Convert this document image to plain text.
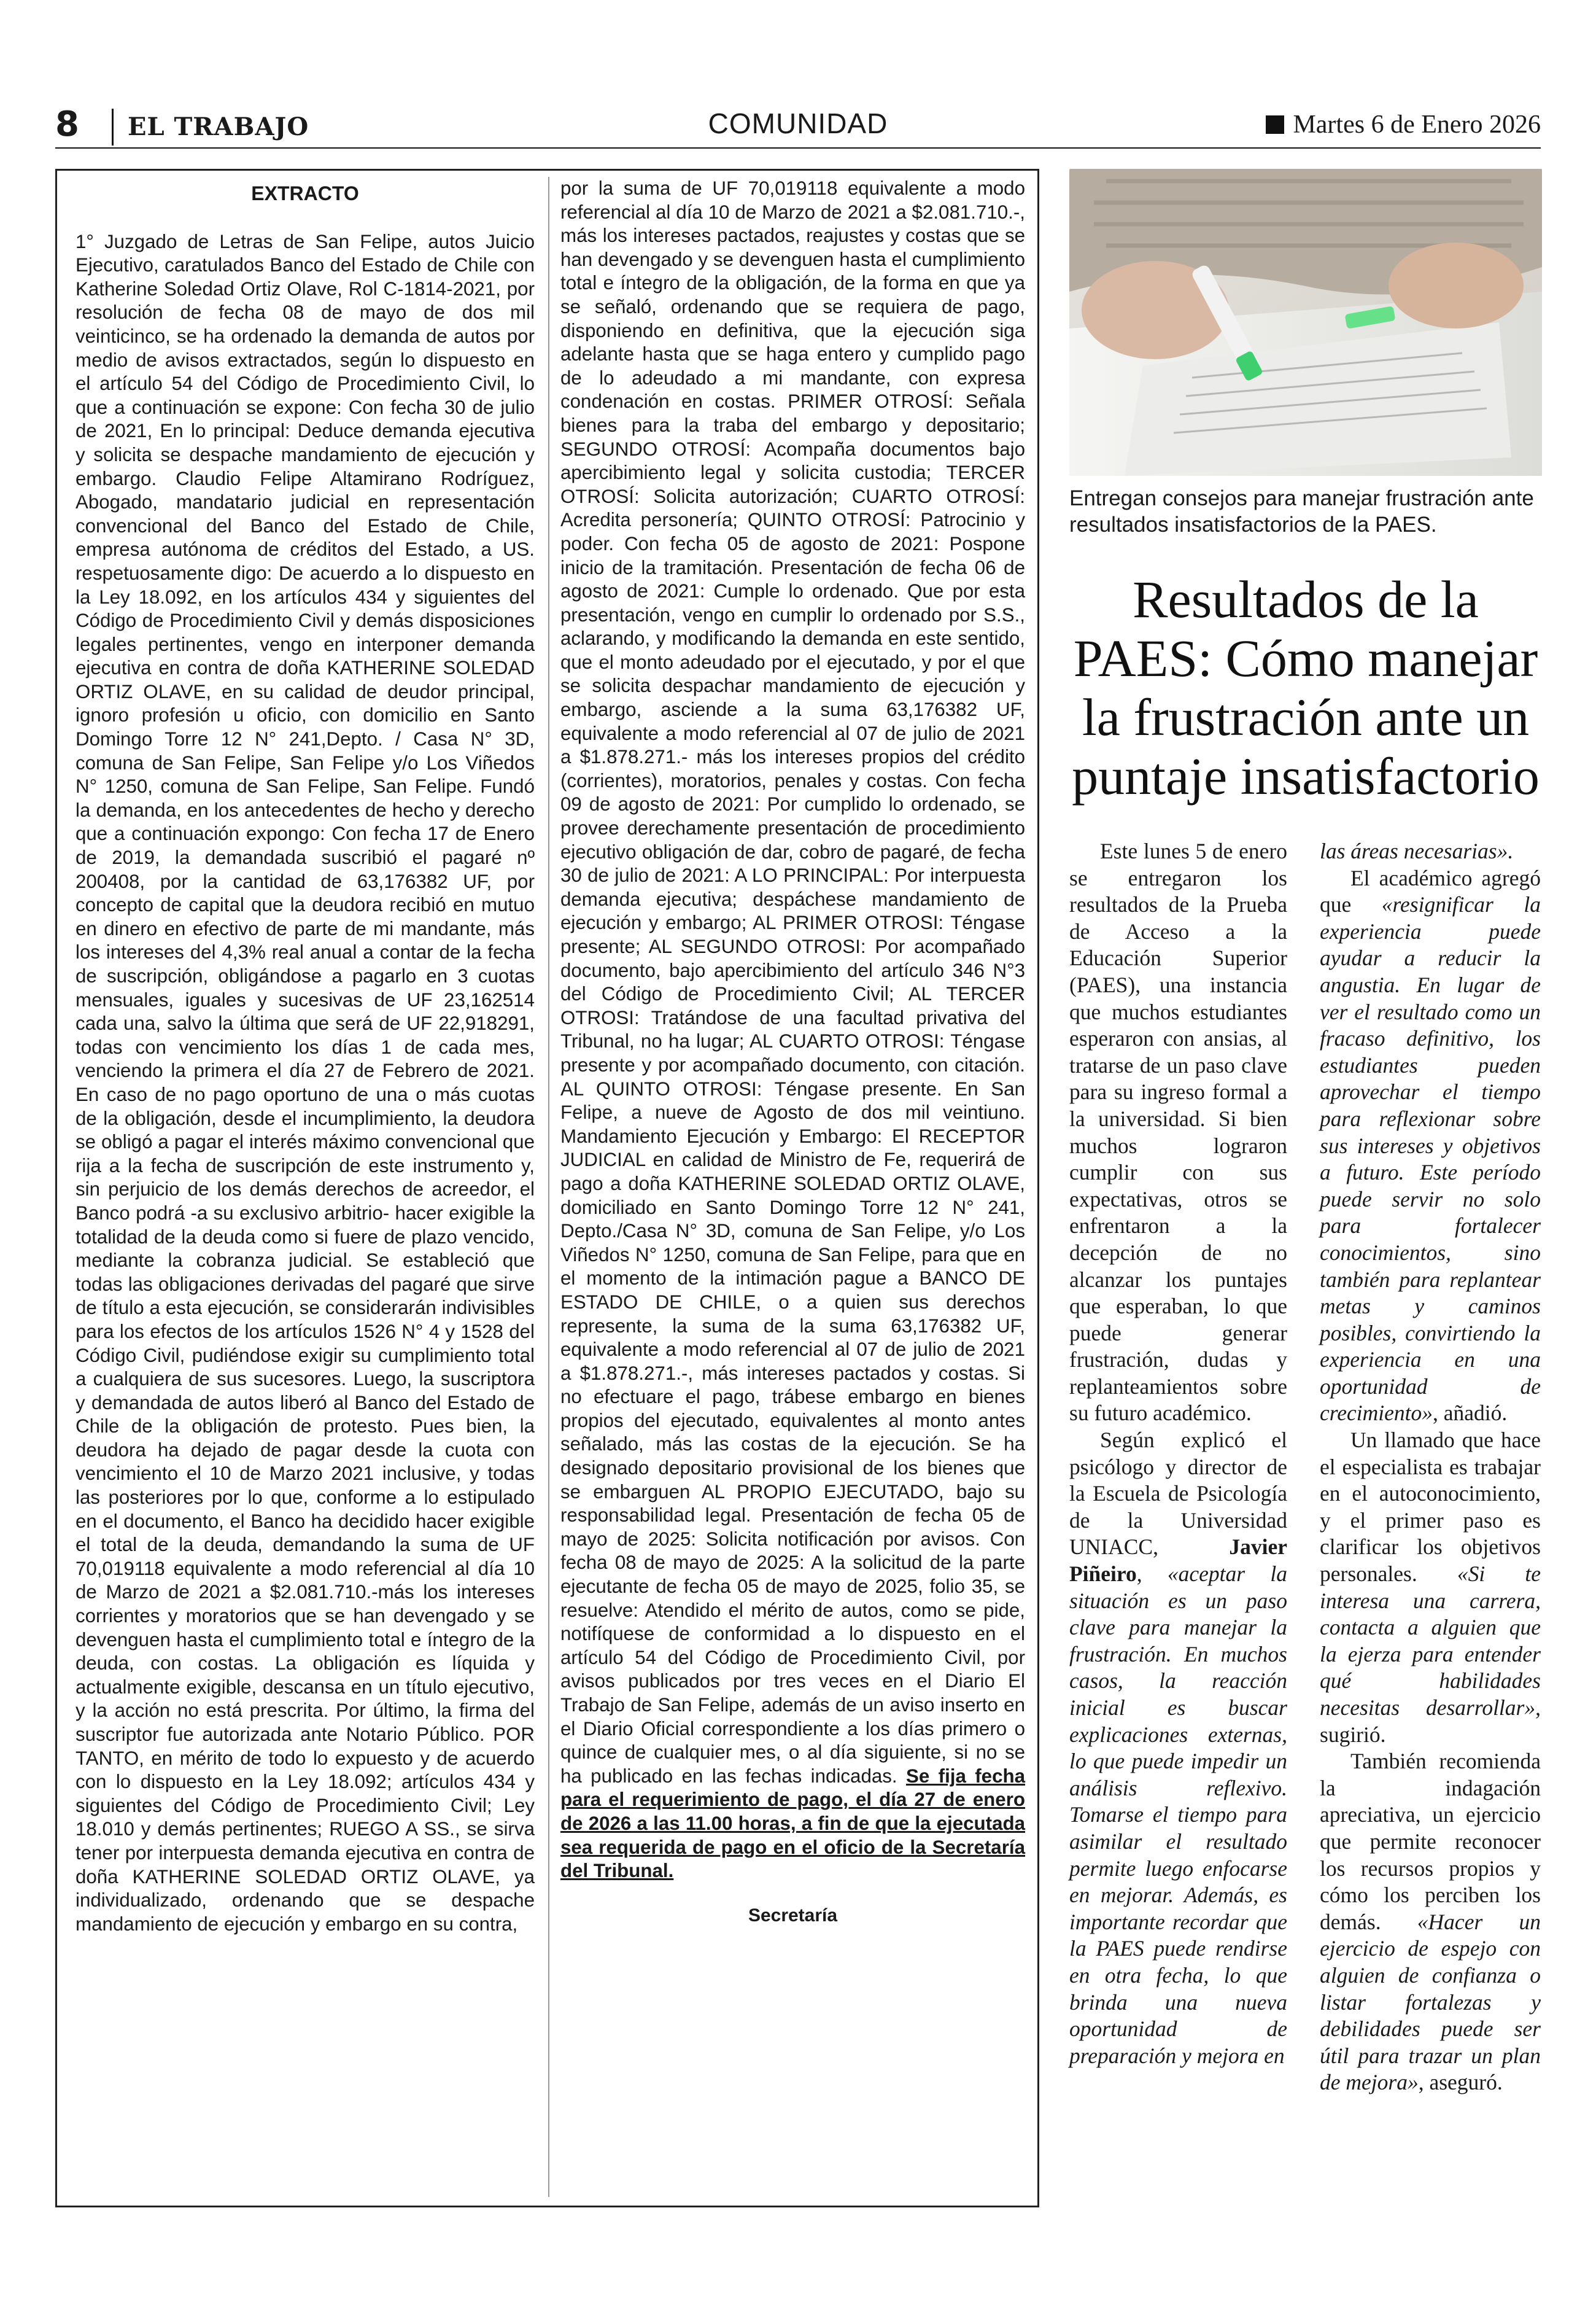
8 EL TRABAJO	COMUNIDAD	Martes 6 de Enero 2026
EXTRACTO

1° Juzgado de Letras de San Felipe, autos Juicio Ejecutivo, caratulados Banco del Estado de Chile con Katherine Soledad Ortiz Olave, Rol C-1814-2021, por resolución de fecha 08 de mayo de dos mil veinticinco, se ha ordenado la demanda de autos por medio de avisos extractados, según lo dispuesto en el artículo 54 del Código de Procedimiento Civil, lo que a continuación se expone: Con fecha 30 de julio de 2021, En lo principal: Deduce demanda ejecutiva y solicita se despache mandamiento de ejecución y embargo. Claudio Felipe Altamirano Rodríguez, Abogado, mandatario judicial en representación convencional del Banco del Estado de Chile, empresa autónoma de créditos del Estado, a US. respetuosamente digo: De acuerdo a lo dispuesto en la Ley 18.092, en los artículos 434 y siguientes del Código de Procedimiento Civil y demás disposiciones legales pertinentes, vengo en interponer demanda ejecutiva en contra de doña KATHERINE SOLEDAD ORTIZ OLAVE, en su calidad de deudor principal, ignoro profesión u oficio, con domicilio en Santo Domingo Torre 12 N° 241,Depto. / Casa N° 3D, comuna de San Felipe, San Felipe y/o Los Viñedos N° 1250, comuna de San Felipe, San Felipe. Fundó la demanda, en los antecedentes de hecho y derecho que a continuación expongo: Con fecha 17 de Enero de 2019, la demandada suscribió el pagaré nº 200408, por la cantidad de 63,176382 UF, por concepto de capital que la deudora recibió en mutuo en dinero en efectivo de parte de mi mandante, más los intereses del 4,3% real anual a contar de la fecha de suscripción, obligándose a pagarlo en 3 cuotas mensuales, iguales y sucesivas de UF 23,162514 cada una, salvo la última que será de UF 22,918291, todas con vencimiento los días 1 de cada mes, venciendo la primera el día 27 de Febrero de 2021. En caso de no pago oportuno de una o más cuotas de la obligación, desde el incumplimiento, la deudora se obligó a pagar el interés máximo convencional que rija a la fecha de suscripción de este instrumento y, sin perjuicio de los demás derechos de acreedor, el Banco podrá -a su exclusivo arbitrio- hacer exigible la totalidad de la deuda como si fuere de plazo vencido, mediante la cobranza judicial. Se estableció que todas las obligaciones derivadas del pagaré que sirve de título a esta ejecución, se considerarán indivisibles para los efectos de los artículos 1526 N° 4 y 1528 del Código Civil, pudiéndose exigir su cumplimiento total a cualquiera de sus sucesores. Luego, la suscriptora y demandada de autos liberó al Banco del Estado de Chile de la obligación de protesto. Pues bien, la deudora ha dejado de pagar desde la cuota con vencimiento el 10 de Marzo 2021 inclusive, y todas las posteriores por lo que, conforme a lo estipulado en el documento, el Banco ha decidido hacer exigible el total de la deuda, demandando la suma de UF 70,019118 equivalente a modo referencial al día 10 de Marzo de 2021 a $2.081.710.-más los intereses corrientes y moratorios que se han devengado y se devenguen hasta el cumplimiento total e íntegro de la deuda, con costas. La obligación es líquida y actualmente exigible, descansa en un título ejecutivo, y la acción no está prescrita. Por último, la firma del suscriptor fue autorizada ante Notario Público. POR TANTO, en mérito de todo lo expuesto y de acuerdo con lo dispuesto en la Ley 18.092; artículos 434 y siguientes del Código de Procedimiento Civil; Ley 18.010 y demás pertinentes; RUEGO A SS., se sirva tener por interpuesta demanda ejecutiva en contra de doña KATHERINE SOLEDAD ORTIZ OLAVE, ya individualizado, ordenando que se despache mandamiento de ejecución y embargo en su contra,

por la suma de UF 70,019118 equivalente a modo referencial al día 10 de Marzo de 2021 a $2.081.710.-, más los intereses pactados, reajustes y costas que se han devengado y se devenguen hasta el cumplimiento total e íntegro de la obligación, de la forma en que ya se señaló, ordenando que se requiera de pago, disponiendo en definitiva, que la ejecución siga adelante hasta que se haga entero y cumplido pago de lo adeudado a mi mandante, con expresa condenación en costas. PRIMER OTROSÍ: Señala bienes para la traba del embargo y depositario; SEGUNDO OTROSÍ: Acompaña documentos bajo apercibimiento legal y solicita custodia; TERCER OTROSÍ: Solicita autorización; CUARTO OTROSÍ: Acredita personería; QUINTO OTROSÍ: Patrocinio y poder. Con fecha 05 de agosto de 2021: Pospone inicio de la tramitación. Presentación de fecha 06 de agosto de 2021: Cumple lo ordenado. Que por esta presentación, vengo en cumplir lo ordenado por S.S., aclarando, y modificando la demanda en este sentido, que el monto adeudado por el ejecutado, y por el que se solicita despachar mandamiento de ejecución y embargo, asciende a la suma 63,176382 UF, equivalente a modo referencial al 07 de julio de 2021 a $1.878.271.- más los intereses propios del crédito (corrientes), moratorios, penales y costas. Con fecha 09 de agosto de 2021: Por cumplido lo ordenado, se provee derechamente presentación de procedimiento ejecutivo obligación de dar, cobro de pagaré, de fecha 30 de julio de 2021: A LO PRINCIPAL: Por interpuesta demanda ejecutiva; despáchese mandamiento de ejecución y embargo; AL PRIMER OTROSI: Téngase presente; AL SEGUNDO OTROSI: Por acompañado documento, bajo apercibimiento del artículo 346 N°3 del Código de Procedimiento Civil; AL TERCER OTROSI: Tratándose de una facultad privativa del Tribunal, no ha lugar; AL CUARTO OTROSI: Téngase presente y por acompañado documento, con citación. AL QUINTO OTROSI: Téngase presente. En San Felipe, a nueve de Agosto de dos mil veintiuno. Mandamiento Ejecución y Embargo: El RECEPTOR JUDICIAL en calidad de Ministro de Fe, requerirá de pago a doña KATHERINE SOLEDAD ORTIZ OLAVE, domiciliado en Santo Domingo Torre 12 N° 241, Depto./Casa N° 3D, comuna de San Felipe, y/o Los Viñedos N° 1250, comuna de San Felipe, para que en el momento de la intimación pague a BANCO DE ESTADO DE CHILE, o a quien sus derechos represente, la suma de la suma 63,176382 UF, equivalente a modo referencial al 07 de julio de 2021 a $1.878.271.-, más intereses pactados y costas. Si no efectuare el pago, trábese embargo en bienes propios del ejecutado, equivalentes al monto antes señalado, más las costas de la ejecución. Se ha designado depositario provisional de los bienes que se embarguen AL PROPIO EJECUTADO, bajo su responsabilidad legal. Presentación de fecha 05 de mayo de 2025: Solicita notificación por avisos. Con fecha 08 de mayo de 2025: A la solicitud de la parte ejecutante de fecha 05 de mayo de 2025, folio 35, se resuelve: Atendido el mérito de autos, como se pide, notifíquese de conformidad a lo dispuesto en el artículo 54 del Código de Procedimiento Civil, por avisos publicados por tres veces en el Diario El Trabajo de San Felipe, además de un aviso inserto en el Diario Oficial correspondiente a los días primero o quince de cualquier mes, o al día siguiente, si no se ha publicado en las fechas indicadas. Se fija fecha para el requerimiento de pago, el día 27 de enero de 2026 a las 11.00 horas, a fin de que la ejecutada sea requerida de pago en el oficio de la Secretaría del Tribunal.

Secretaría
Entregan consejos para manejar frustración ante resultados insatisfactorios de la PAES.
Resultados de la PAES: Cómo manejar la frustración ante un puntaje insatisfactorio

Este lunes 5 de enero se entregaron los resultados de la Prueba de Acceso a la Educación Superior (PAES), una instancia que muchos estudiantes esperaron con ansias, al tratarse de un paso clave para su ingreso formal a la universidad. Si bien muchos lograron cumplir con sus expectativas, otros se enfrentaron a la decepción de no alcanzar los puntajes que esperaban, lo que puede generar frustración, dudas y replanteamientos sobre su futuro académico.

Según explicó el psicólogo y director de la Escuela de Psicología de la Universidad UNIACC, Javier Piñeiro, «aceptar la situación es un paso clave para manejar la frustración. En muchos casos, la reacción inicial es buscar explicaciones externas, lo que puede impedir un análisis reflexivo. Tomarse el tiempo para asimilar el resultado permite luego enfocarse en mejorar. Además, es importante recordar que la PAES puede rendirse en otra fecha, lo que brinda una nueva oportunidad de preparación y mejora en

las áreas necesarias».

El académico agregó que «resignificar la experiencia puede ayudar a reducir la angustia. En lugar de ver el resultado como un fracaso definitivo, los estudiantes pueden aprovechar el tiempo para reflexionar sobre sus intereses y objetivos a futuro. Este período puede servir no solo para fortalecer conocimientos, sino también para replantear metas y caminos posibles, convirtiendo la experiencia en una oportunidad de crecimiento», añadió.

Un llamado que hace el especialista es trabajar en el autoconocimiento, y el primer paso es clarificar los objetivos personales. «Si te interesa una carrera, contacta a alguien que la ejerza para entender qué habilidades necesitas desarrollar», sugirió.

También recomienda la indagación apreciativa, un ejercicio que permite reconocer los recursos propios y cómo los perciben los demás. «Hacer un ejercicio de espejo con alguien de confianza o listar fortalezas y debilidades puede ser útil para trazar un plan de mejora», aseguró.
